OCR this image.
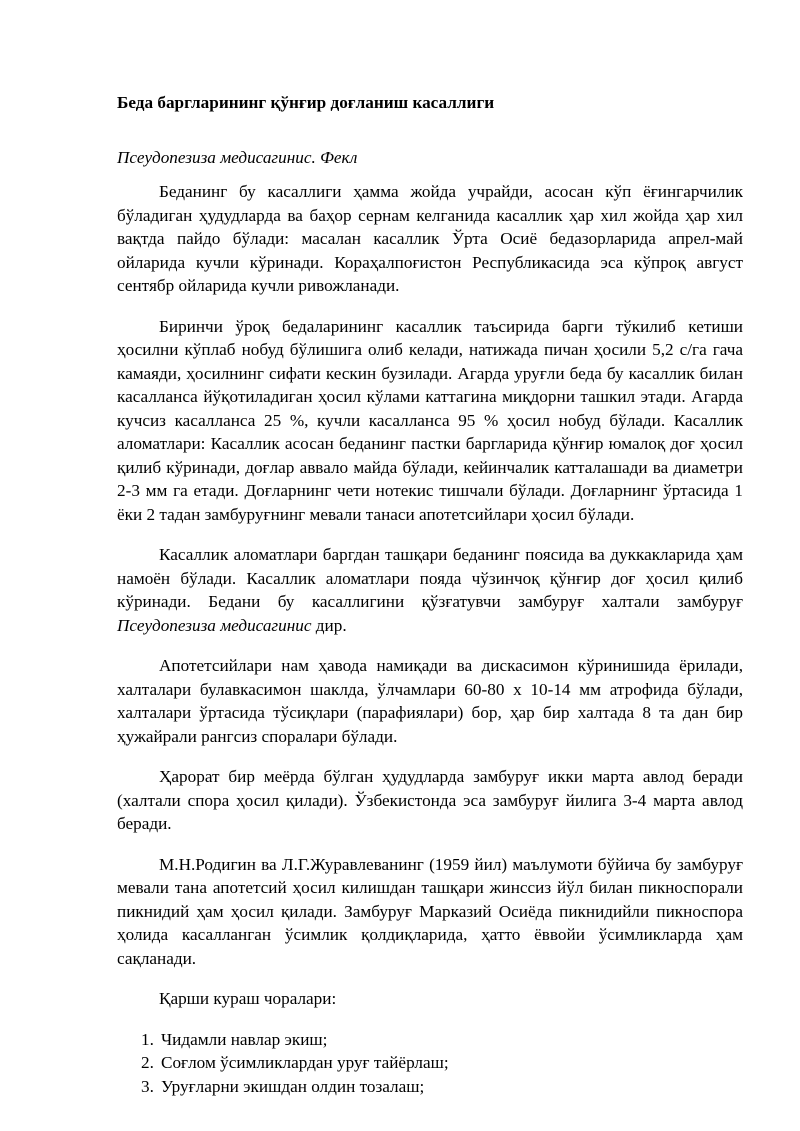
Беда баргларининг қўнғир доғланиш касаллиги

Псеудопезиза медисагинис. Фекл

Беданинг бу касаллиги ҳамма жойда учрайди, асосан кўп ёғингарчилик бўладиган ҳудудларда ва баҳор сернам келганида касаллик ҳар хил жойда ҳар хил вақтда пайдо бўлади: масалан касаллик Ўрта Осиё бедазорларида апрел-май ойларида кучли кўринади. Кораҳалпоғистон Республикасида эса кўпроқ август сентябр ойларида кучли ривожланади.

Биринчи ўроқ бедаларининг касаллик таъсирида барги тўкилиб кетиши ҳосилни кўплаб нобуд бўлишига олиб келади, натижада пичан ҳосили 5,2 с/га гача камаяди, ҳосилнинг сифати кескин бузилади. Агарда уруғли беда бу касаллик билан касалланса йўқотиладиган ҳосил кўлами каттагина миқдорни ташкил этади. Агарда кучсиз касалланса 25 %, кучли касалланса 95 % ҳосил нобуд бўлади. Касаллик аломатлари: Касаллик асосан беданинг пастки баргларида қўнғир юмалоқ доғ ҳосил қилиб кўринади, доғлар аввало майда бўлади, кейинчалик катталашади ва диаметри 2-3 мм га етади. Доғларнинг чети нотекис тишчали бўлади. Доғларнинг ўртасида 1 ёки 2 тадан замбуруғнинг мевали танаси апотетсийлари ҳосил бўлади.

Касаллик аломатлари баргдан ташқари беданинг поясида ва дуккакларида ҳам намоён бўлади. Касаллик аломатлари пояда чўзинчоқ қўнғир доғ ҳосил қилиб кўринади. Бедани бу касаллигини қўзғатувчи замбуруғ халтали замбуруғ Псеудопезиза медисагинис дир.

Апотетсийлари нам ҳавода намиқади ва дискасимон кўринишида ёрилади, халталари булавкасимон шаклда, ўлчамлари 60-80 х 10-14 мм атрофида бўлади, халталари ўртасида тўсиқлари (парафиялари) бор, ҳар бир халтада 8 та дан бир ҳужайрали рангсиз споралари бўлади.

Ҳарорат бир меёрда бўлган ҳудудларда замбуруғ икки марта авлод беради (халтали спора ҳосил қилади). Ўзбекистонда эса замбуруғ йилига 3-4 марта авлод беради.

М.Н.Родигин ва Л.Г.Журавлеванинг (1959 йил) маълумоти бўйича бу замбуруғ мевали тана апотетсий ҳосил килишдан ташқари жинссиз йўл билан пикноспорали пикнидий ҳам ҳосил қилади. Замбуруғ Марказий Осиёда пикнидийли пикноспора ҳолида касалланган ўсимлик қолдиқларида, ҳатто ёввойи ўсимликларда ҳам сақланади.

Қарши кураш чоралари:

1. Чидамли навлар экиш;
2. Соғлом ўсимликлардан уруғ тайёрлаш;
3. Уруғларни экишдан олдин тозалаш;
